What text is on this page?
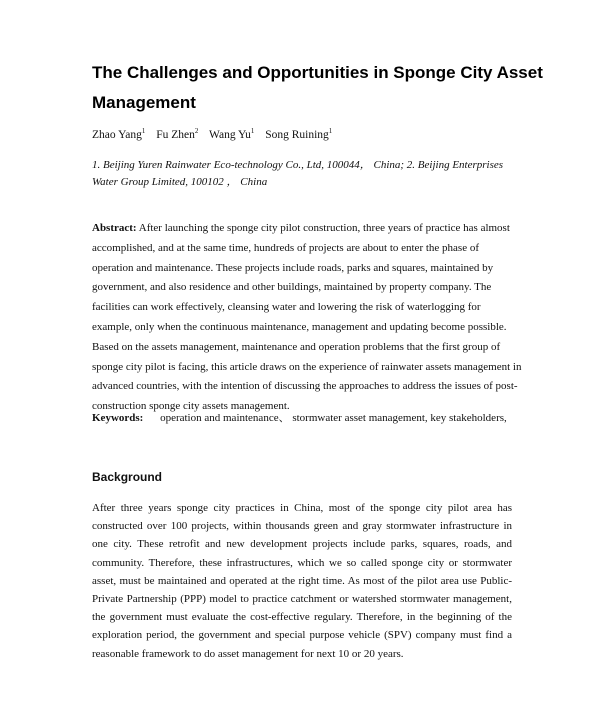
The Challenges and Opportunities in Sponge City Asset Management
Zhao Yang$^1$ Fu Zhen$^2$ Wang Yu$^1$ Song Ruining$^1$
1. Beijing Yuren Rainwater Eco-technology Co., Ltd, 100044， China; 2. Beijing Enterprises Water Group Limited, 100102 ， China
Abstract: After launching the sponge city pilot construction, three years of practice has almost accomplished, and at the same time, hundreds of projects are about to enter the phase of operation and maintenance. These projects include roads, parks and squares, maintained by government, and also residence and other buildings, maintained by property company. The facilities can work effectively, cleansing water and lowering the risk of waterlogging for example, only when the continuous maintenance, management and updating become possible. Based on the assets management, maintenance and operation problems that the first group of sponge city pilot is facing, this article draws on the experience of rainwater assets management in advanced countries, with the intention of discussing the approaches to address the issues of post-construction sponge city assets management.
Keywords: operation and maintenance、 stormwater asset management, key stakeholders,
Background
After three years sponge city practices in China, most of the sponge city pilot area has constructed over 100 projects, within thousands green and gray stormwater infrastructure in one city. These retrofit and new development projects include parks, squares, roads, and community. Therefore, these infrastructures, which we so called sponge city or stormwater asset, must be maintained and operated at the right time. As most of the pilot area use Public-Private Partnership (PPP) model to practice catchment or watershed stormwater management, the government must evaluate the cost-effective regulary. Therefore, in the beginning of the exploration period, the government and special purpose vehicle (SPV) company must find a reasonable framework to do asset management for next 10 or 20 years.
